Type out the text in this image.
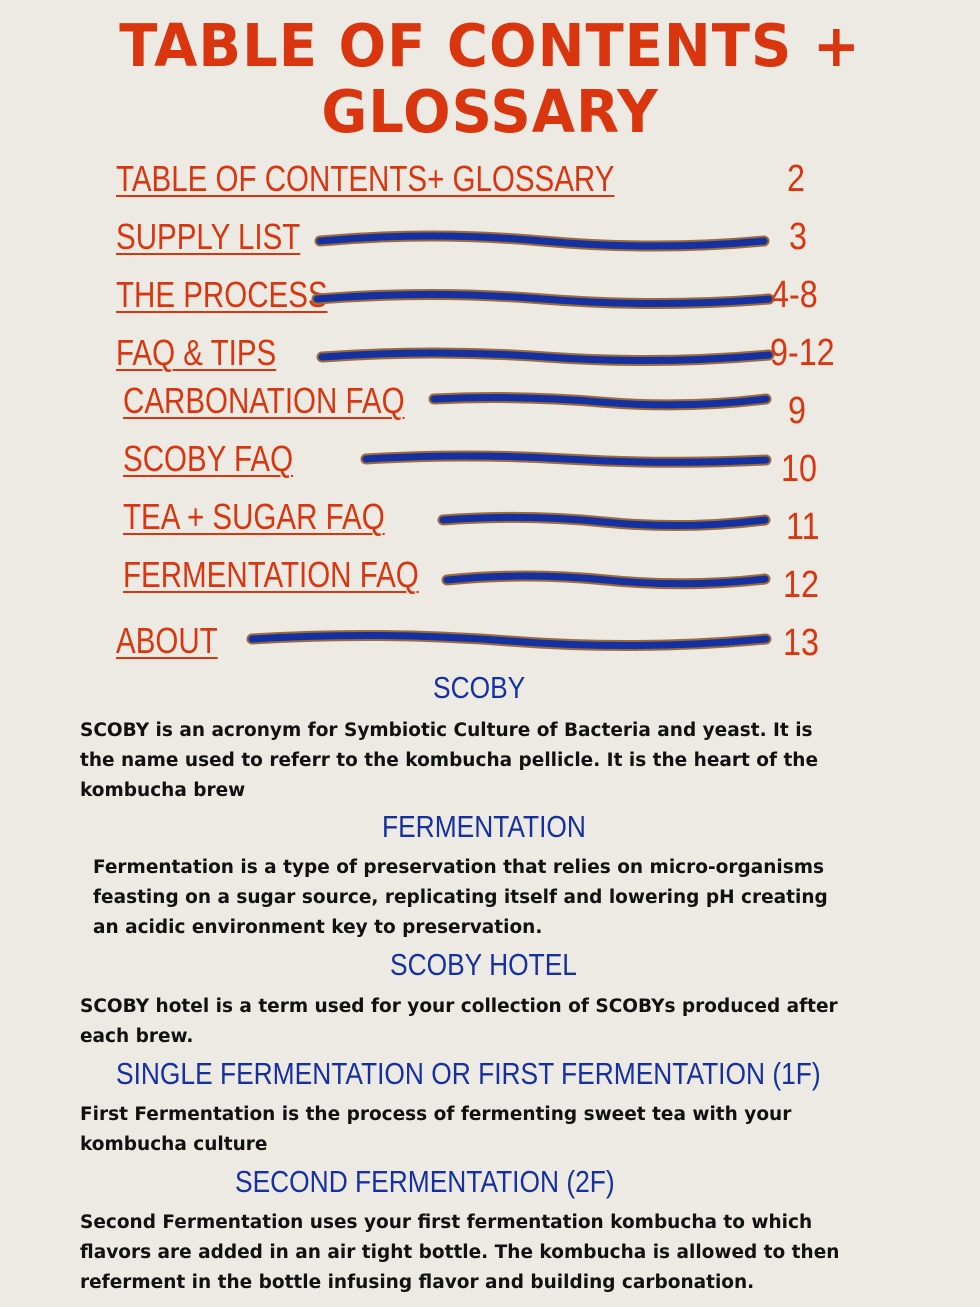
TABLE OF CONTENTS +
GLOSSARY
TABLE OF CONTENTS+ GLOSSARY	2
SUPPLY LIST	3
THE PROCESS	4-8
FAQ & TIPS	9-12
CARBONATION FAQ	9
SCOBY FAQ	10
TEA + SUGAR FAQ	11
FERMENTATION FAQ	12
ABOUT	13
SCOBY
SCOBY is an acronym for Symbiotic Culture of Bacteria and yeast. It is
the name used to referr to the kombucha pellicle. It is the heart of the
kombucha brew
FERMENTATION
Fermentation is a type of preservation that relies on micro-organisms
feasting on a sugar source, replicating itself and lowering pH creating
an acidic environment key to preservation.
SCOBY HOTEL
SCOBY hotel is a term used for your collection of SCOBYs produced after
each brew.
SINGLE FERMENTATION OR FIRST FERMENTATION (1F)
First Fermentation is the process of fermenting sweet tea with your
kombucha culture
SECOND FERMENTATION (2F)
Second Fermentation uses your first fermentation kombucha to which
flavors are added in an air tight bottle. The kombucha is allowed to then
referment in the bottle infusing flavor and building carbonation.
